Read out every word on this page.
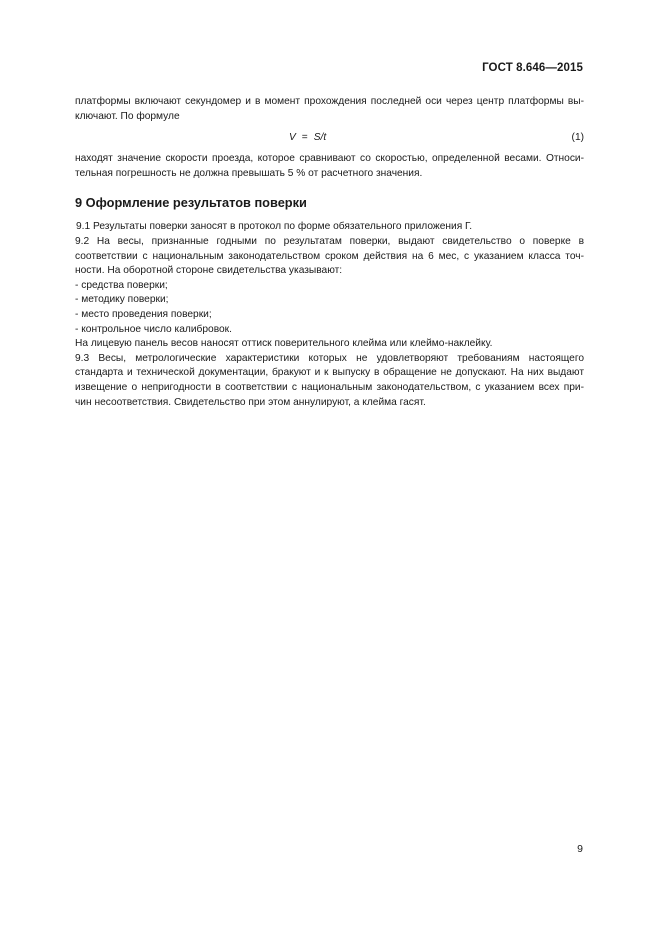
ГОСТ 8.646—2015

платформы включают секундомер и в момент прохождения последней оси через центр платформы вы-

ключают. По формуле

V = S/t	(1)

находят значение скорости проезда, которое сравнивают со скоростью, определенной весами. Относи-

тельная погрешность не должна превышать 5 % от расчетного значения.

9 Оформление результатов поверки

9.1 Результаты поверки заносят в протокол по форме обязательного приложения Г.

9.2 На весы, признанные годными по результатам поверки, выдают свидетельство о поверке в

соответствии с национальным законодательством сроком действия на 6 мес, с указанием класса точ-

ности. На оборотной стороне свидетельства указывают:

- средства поверки;

- методику поверки;

- место проведения поверки;

- контрольное число калибровок.

На лицевую панель весов наносят оттиск поверительного клейма или клеймо-наклейку.

9.3 Весы, метрологические характеристики которых не удовлетворяют требованиям настоящего

стандарта и технической документации, бракуют и к выпуску в обращение не допускают. На них выдают

извещение о непригодности в соответствии с национальным законодательством, с указанием всех при-

чин несоответствия. Свидетельство при этом аннулируют, а клейма гасят.

9
